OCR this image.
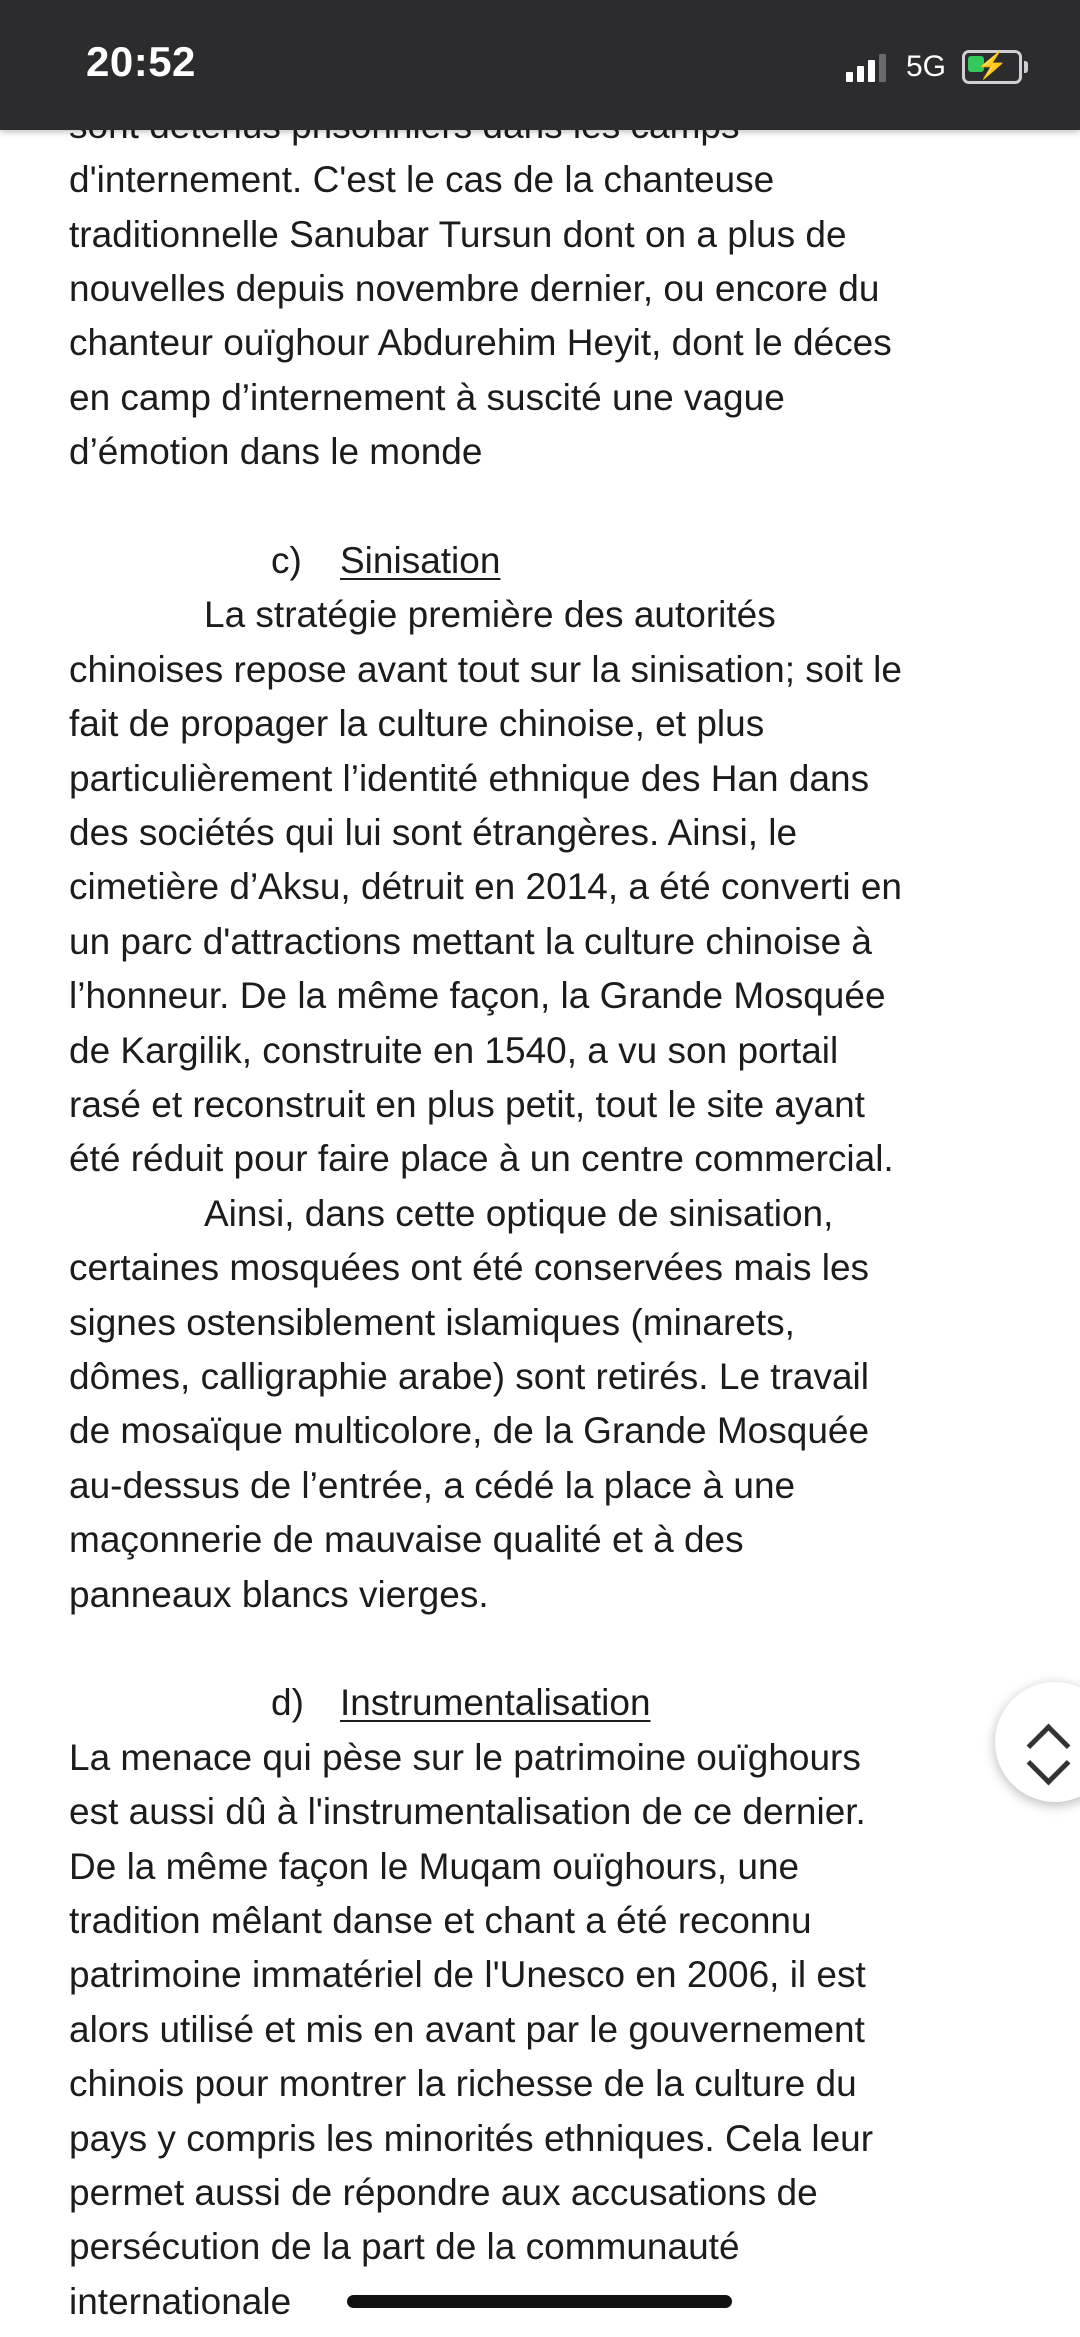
20:52	5G	⚡
d'internement. C'est le cas de la chanteuse
traditionnelle Sanubar Tursun dont on a plus de
nouvelles depuis novembre dernier, ou encore du
chanteur ouïghour Abdurehim Heyit, dont le déces
en camp d’internement à suscité une vague
d’émotion dans le monde
c) Sinisation
La stratégie première des autorités
chinoises repose avant tout sur la sinisation; soit le
fait de propager la culture chinoise, et plus
particulièrement l’identité ethnique des Han dans
des sociétés qui lui sont étrangères. Ainsi, le
cimetière d’Aksu, détruit en 2014, a été converti en
un parc d'attractions mettant la culture chinoise à
l’honneur. De la même façon, la Grande Mosquée
de Kargilik, construite en 1540, a vu son portail
rasé et reconstruit en plus petit, tout le site ayant
été réduit pour faire place à un centre commercial.
Ainsi, dans cette optique de sinisation,
certaines mosquées ont été conservées mais les
signes ostensiblement islamiques (minarets,
dômes, calligraphie arabe) sont retirés. Le travail
de mosaïque multicolore, de la Grande Mosquée
au-dessus de l’entrée, a cédé la place à une
maçonnerie de mauvaise qualité et à des
panneaux blancs vierges.
d) Instrumentalisation
La menace qui pèse sur le patrimoine ouïghours
est aussi dû à l'instrumentalisation de ce dernier.
De la même façon le Muqam ouïghours, une
tradition mêlant danse et chant a été reconnu
patrimoine immatériel de l'Unesco en 2006, il est
alors utilisé et mis en avant par le gouvernement
chinois pour montrer la richesse de la culture du
pays y compris les minorités ethniques. Cela leur
permet aussi de répondre aux accusations de
persécution de la part de la communauté
internationale
